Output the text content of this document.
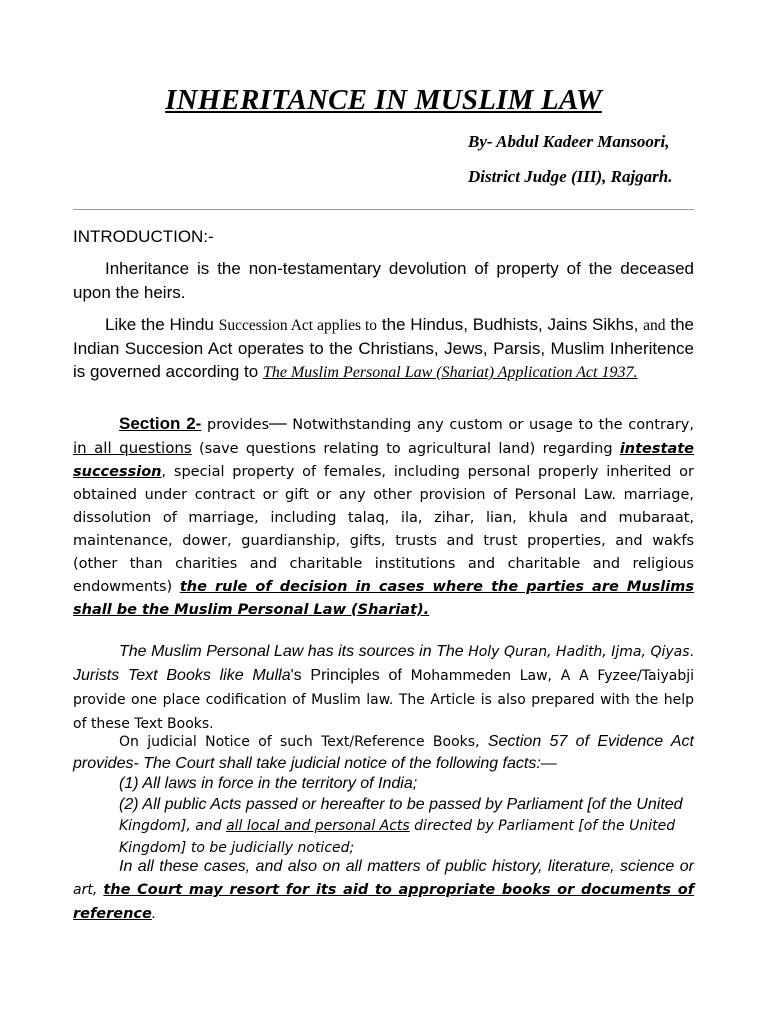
INHERITANCE IN MUSLIM LAW
By- Abdul Kadeer Mansoori,
District Judge (III), Rajgarh.
INTRODUCTION:-
Inheritance is the non-testamentary devolution of property of the deceased upon the heirs.
Like the Hindu Succession Act applies to the Hindus, Budhists, Jains Sikhs, and the Indian Succesion Act operates to the Christians, Jews, Parsis, Muslim Inheritence is governed according to The Muslim Personal Law (Shariat) Application Act 1937.
Section 2- provides── Notwithstanding any custom or usage to the contrary, in all questions (save questions relating to agricultural land) regarding intestate succession, special property of females, including personal properly inherited or obtained under contract or gift or any other provision of Personal Law. marriage, dissolution of marriage, including talaq, ila, zihar, lian, khula and mubaraat, maintenance, dower, guardianship, gifts, trusts and trust properties, and wakfs (other than charities and charitable institutions and charitable and religious endowments) the rule of decision in cases where the parties are Muslims shall be the Muslim Personal Law (Shariat).
The Muslim Personal Law has its sources in The Holy Quran, Hadith, Ijma, Qiyas. Jurists Text Books like Mulla's Principles of Mohammeden Law, A A Fyzee/Taiyabji provide one place codification of Muslim law. The Article is also prepared with the help of these Text Books.
On judicial Notice of such Text/Reference Books, Section 57 of Evidence Act provides- The Court shall take judicial notice of the following facts:—
(1) All laws in force in the territory of India;
(2) All public Acts passed or hereafter to be passed by Parliament [of the United Kingdom], and all local and personal Acts directed by Parliament [of the United Kingdom] to be judicially noticed;
In all these cases, and also on all matters of public history, literature, science or art, the Court may resort for its aid to appropriate books or documents of reference.
